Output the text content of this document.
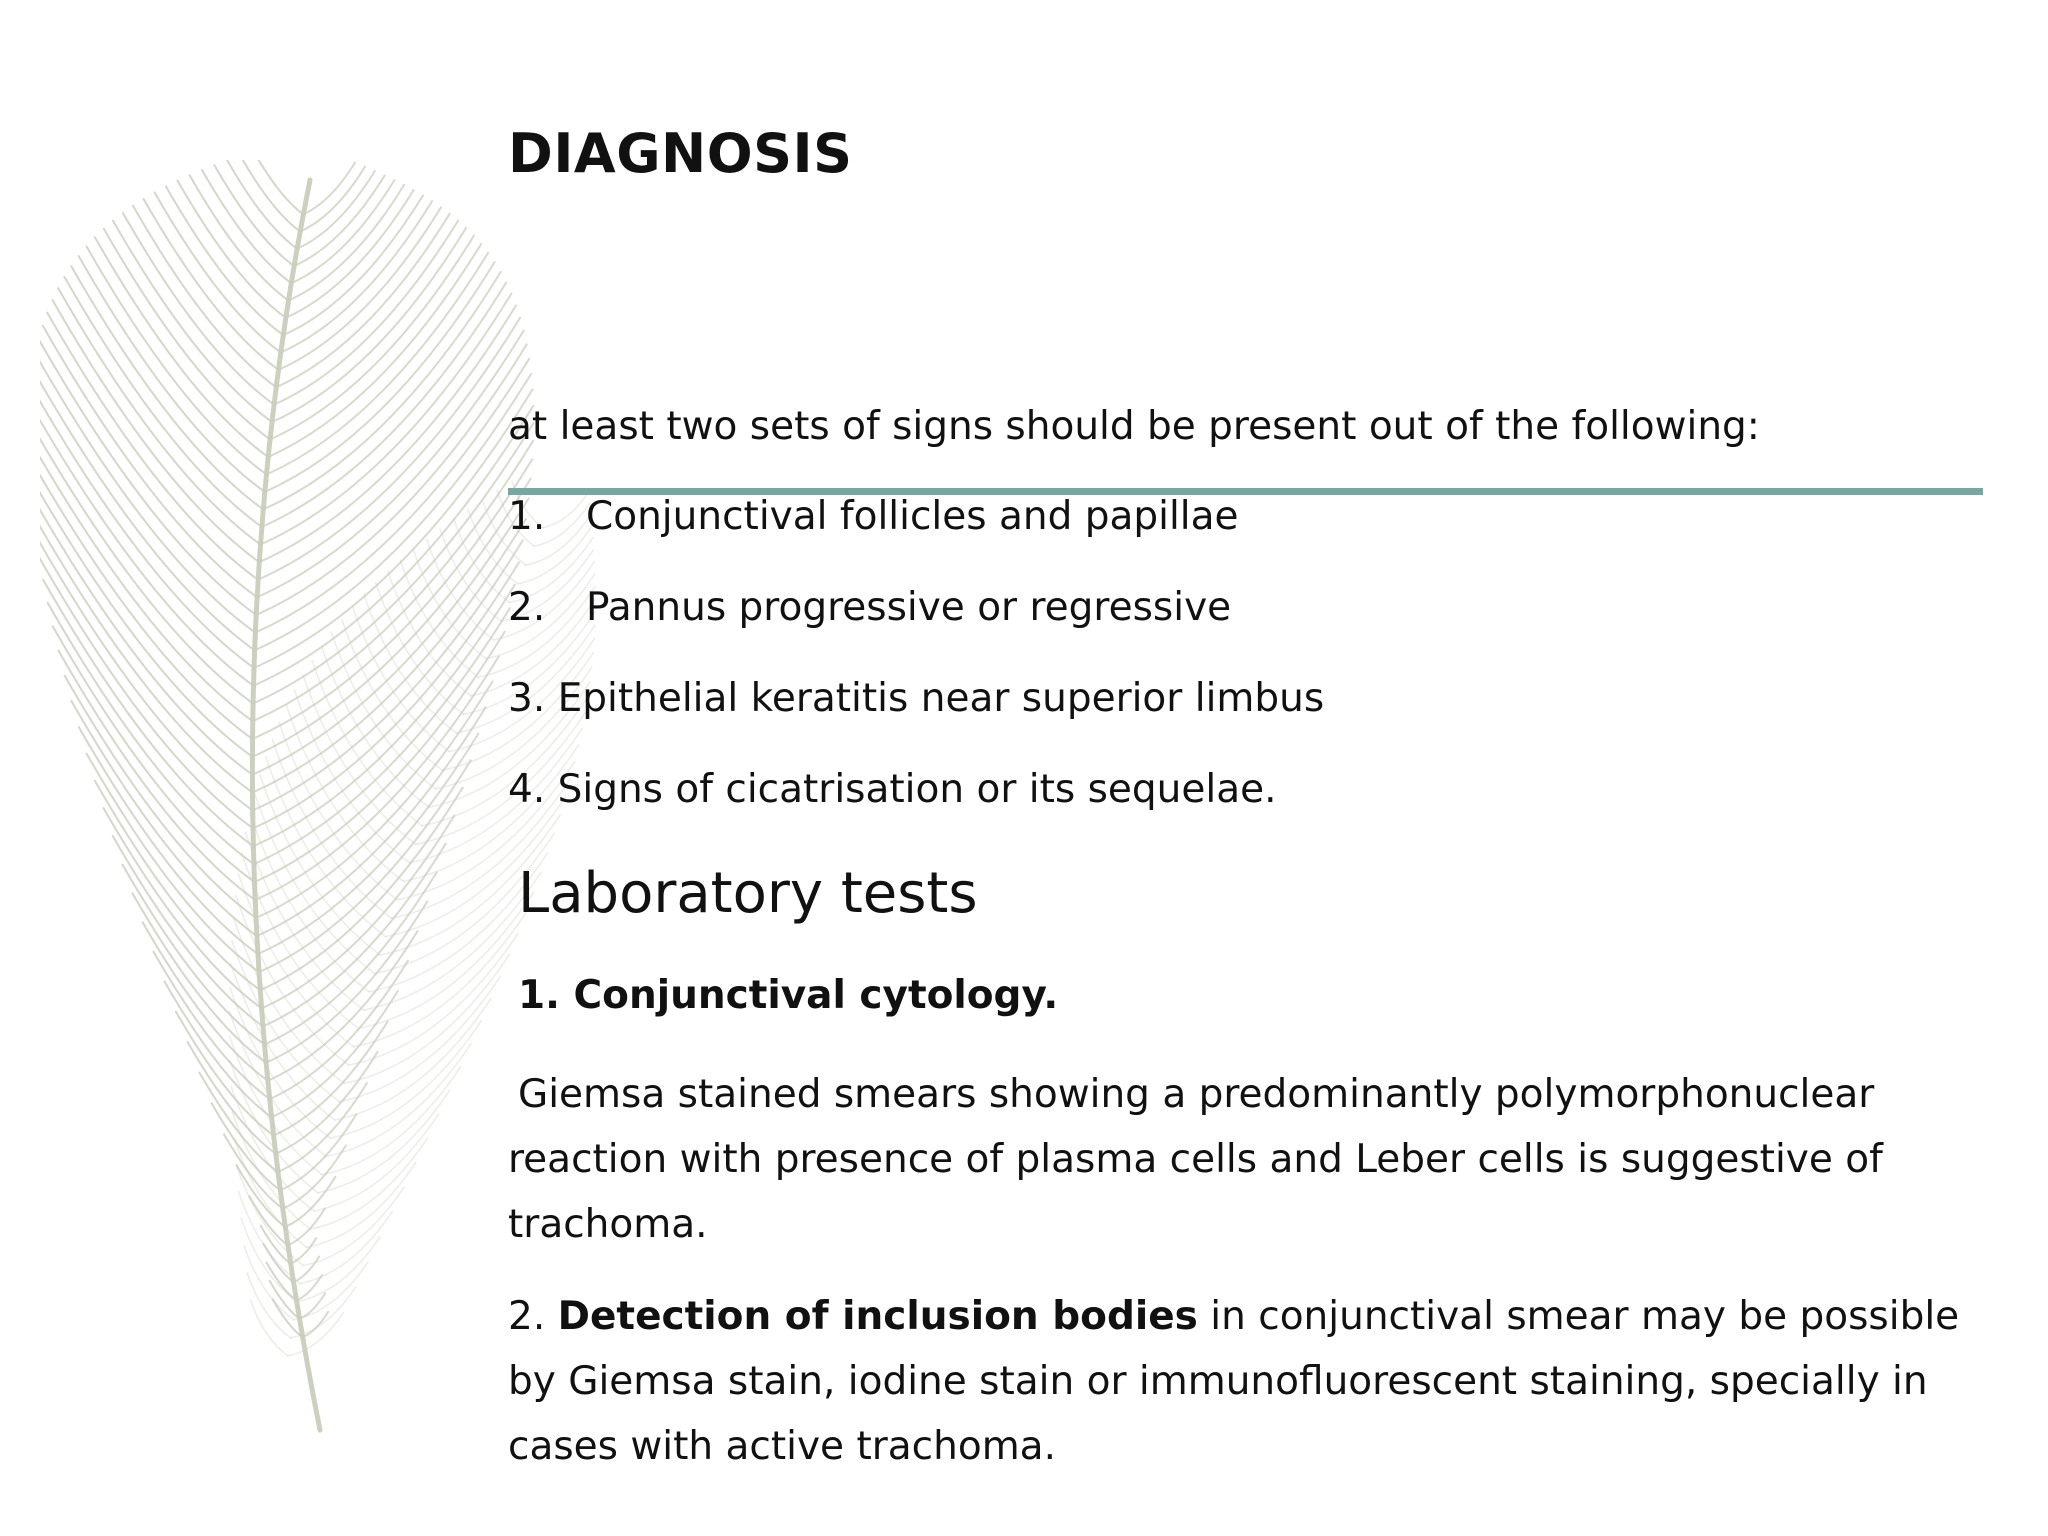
DIAGNOSIS
at least two sets of signs should be present out of the following:
1. Conjunctival follicles and papillae
2. Pannus progressive or regressive
3. Epithelial keratitis near superior limbus
4. Signs of cicatrisation or its sequelae.
Laboratory tests
1. Conjunctival cytology.
Giemsa stained smears showing a predominantly polymorphonuclear reaction with presence of plasma cells and Leber cells is suggestive of trachoma.
2. Detection of inclusion bodies in conjunctival smear may be possible by Giemsa stain, iodine stain or immunofluorescent staining, specially in cases with active trachoma.
